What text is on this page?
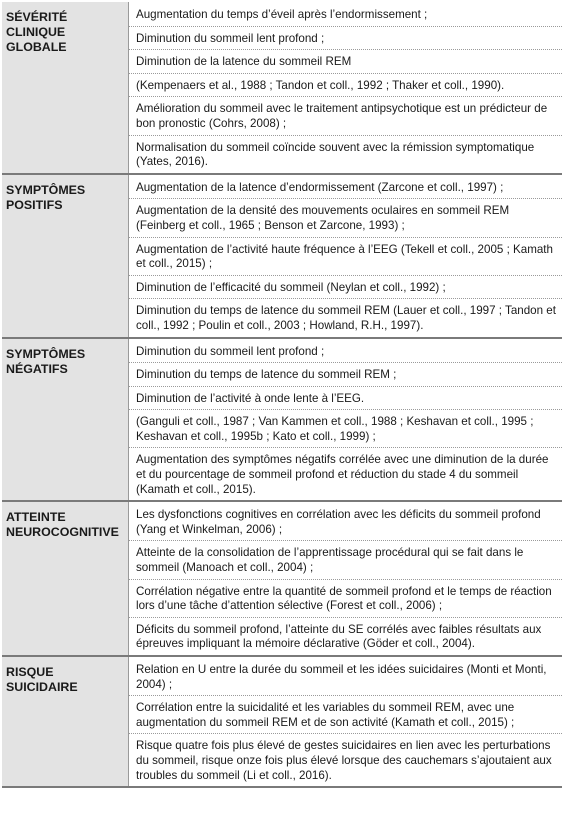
SÉVÉRITÉ CLINIQUE GLOBALE
Augmentation du temps d’éveil après l’endormissement ;
Diminution du sommeil lent profond ;
Diminution de la latence du sommeil REM
(Kempenaers et al., 1988 ; Tandon et coll., 1992 ; Thaker et coll., 1990).
Amélioration du sommeil avec le traitement antipsychotique est un prédicteur de bon pronostic (Cohrs, 2008) ;
Normalisation du sommeil coïncide souvent avec la rémission symptomatique (Yates, 2016).
SYMPTÔMES POSITIFS
Augmentation de la latence d’endormissement (Zarcone et coll., 1997) ;
Augmentation de la densité des mouvements oculaires en sommeil REM (Feinberg et coll., 1965 ; Benson et Zarcone, 1993) ;
Augmentation de l’activité haute fréquence à l’EEG (Tekell et coll., 2005 ; Kamath et coll., 2015) ;
Diminution de l’efficacité du sommeil (Neylan et coll., 1992) ;
Diminution du temps de latence du sommeil REM (Lauer et coll., 1997 ; Tandon et coll., 1992 ; Poulin et coll., 2003 ; Howland, R.H., 1997).
SYMPTÔMES NÉGATIFS
Diminution du sommeil lent profond ;
Diminution du temps de latence du sommeil REM ;
Diminution de l’activité à onde lente à l’EEG.
(Ganguli et coll., 1987 ; Van Kammen et coll., 1988 ; Keshavan et coll., 1995 ; Keshavan et coll., 1995b ; Kato et coll., 1999) ;
Augmentation des symptômes négatifs corrélée avec une diminution de la durée et du pourcentage de sommeil profond et réduction du stade 4 du sommeil (Kamath et coll., 2015).
ATTEINTE NEUROCOGNITIVE
Les dysfonctions cognitives en corrélation avec les déficits du sommeil profond (Yang et Winkelman, 2006) ;
Atteinte de la consolidation de l’apprentissage procédural qui se fait dans le sommeil (Manoach et coll., 2004) ;
Corrélation négative entre la quantité de sommeil profond et le temps de réaction lors d’une tâche d’attention sélective (Forest et coll., 2006) ;
Déficits du sommeil profond, l’atteinte du SE corrélés avec faibles résultats aux épreuves impliquant la mémoire déclarative (Göder et coll., 2004).
RISQUE SUICIDAIRE
Relation en U entre la durée du sommeil et les idées suicidaires (Monti et Monti, 2004) ;
Corrélation entre la suicidalité et les variables du sommeil REM, avec une augmentation du sommeil REM et de son activité (Kamath et coll., 2015) ;
Risque quatre fois plus élevé de gestes suicidaires en lien avec les perturbations du sommeil, risque onze fois plus élevé lorsque des cauchemars s’ajoutaient aux troubles du sommeil (Li et coll., 2016).
